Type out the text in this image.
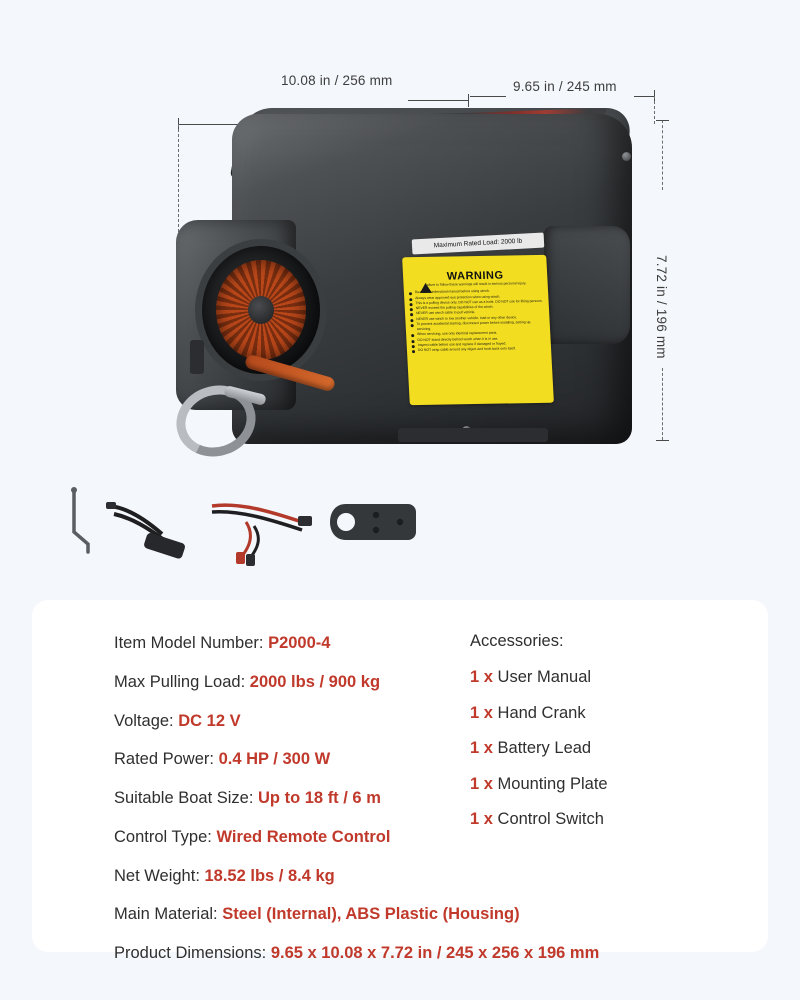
10.08 in / 256 mm	9.65 in / 245 mm
7.72 in / 196 mm
Maximum Rated Load: 2000 lb
WARNING
Failure to follow these warnings will result in serious personal injury.
Read and understand manual before using winch.
Always wear approved eye protection when using winch.
This is a pulling device only. DO NOT use as a hoist. DO NOT use for lifting persons.
NEVER exceed the pulling capabilities of the winch.
NEVER use winch cable to pull vehicle.
NEVER use winch to tow another vehicle, load or any other device.
To prevent accidental starting, disconnect power before installing, setting up, servicing.
When servicing, use only identical replacement parts.
DO NOT stand directly behind winch when it is in use.
Inspect cable before use and replace if damaged or frayed.
DO NOT wrap cable around any object and hook back onto itself.
Item Model Number: P2000-4
Max Pulling Load: 2000 lbs / 900 kg
Voltage: DC 12 V
Rated Power: 0.4 HP / 300 W
Suitable Boat Size: Up to 18 ft / 6 m
Control Type: Wired Remote Control
Net Weight: 18.52 lbs / 8.4 kg
Main Material: Steel (Internal), ABS Plastic (Housing)
Product Dimensions: 9.65 x 10.08 x 7.72 in / 245 x 256 x 196 mm
Accessories:
1 x User Manual
1 x Hand Crank
1 x Battery Lead
1 x Mounting Plate
1 x Control Switch
